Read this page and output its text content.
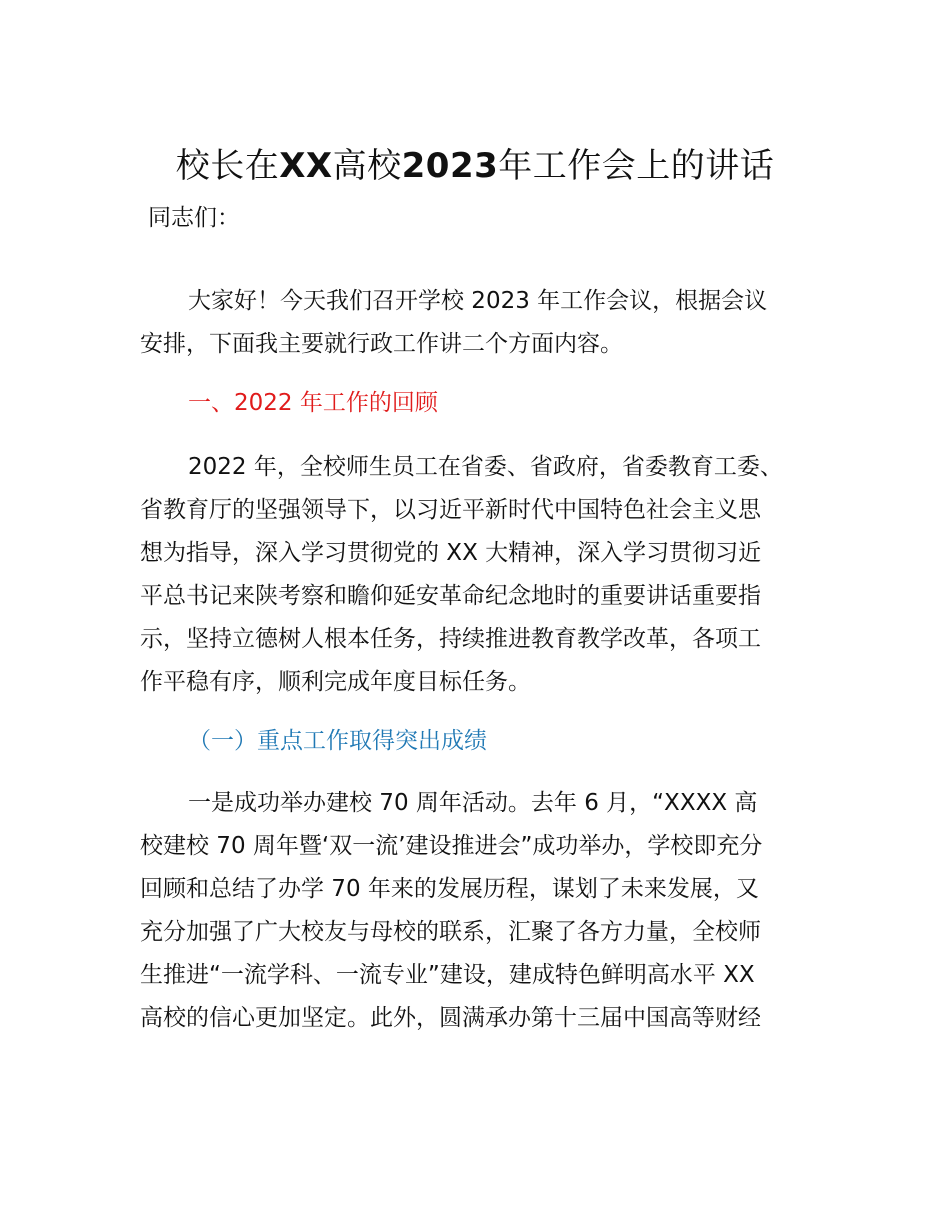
校长在XX高校2023年工作会上的讲话

同志们：

大家好！今天我们召开学校 2023 年工作会议，根据会议
安排，下面我主要就行政工作讲二个方面内容。

一、2022 年工作的回顾

2022 年，全校师生员工在省委、省政府，省委教育工委、
省教育厅的坚强领导下，以习近平新时代中国特色社会主义思
想为指导，深入学习贯彻党的 XX 大精神，深入学习贯彻习近
平总书记来陕考察和瞻仰延安革命纪念地时的重要讲话重要指
示，坚持立德树人根本任务，持续推进教育教学改革，各项工
作平稳有序，顺利完成年度目标任务。

（一）重点工作取得突出成绩

一是成功举办建校 70 周年活动。去年 6 月，“XXXX 高
校建校 70 周年暨‘双一流’建设推进会”成功举办，学校即充分
回顾和总结了办学 70 年来的发展历程，谋划了未来发展，又
充分加强了广大校友与母校的联系，汇聚了各方力量，全校师
生推进“一流学科、一流专业”建设，建成特色鲜明高水平 XX
高校的信心更加坚定。此外，圆满承办第十三届中国高等财经
